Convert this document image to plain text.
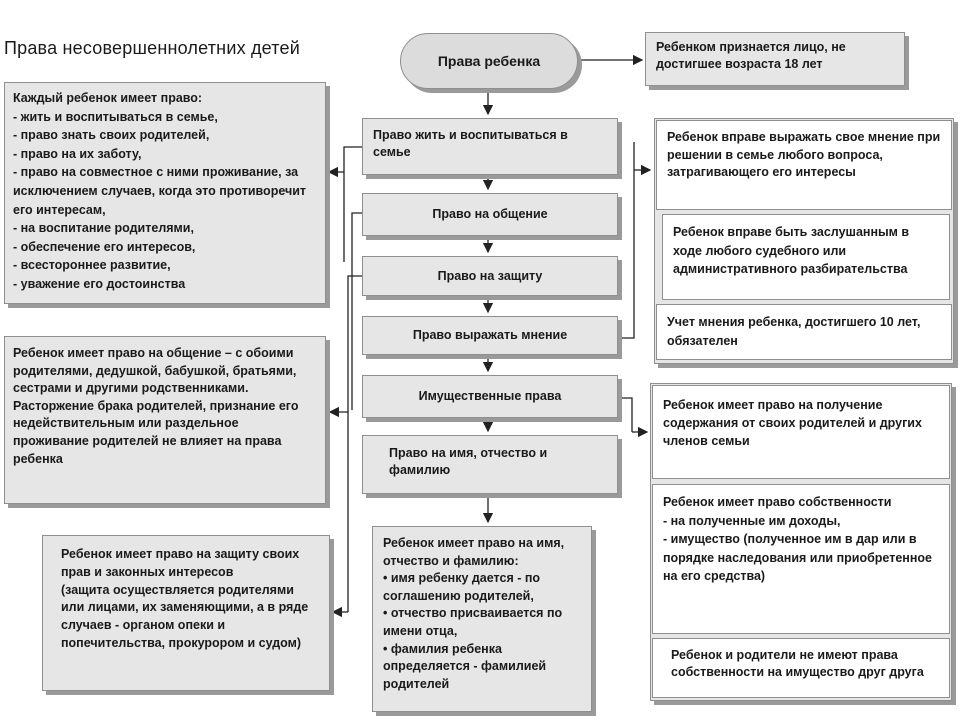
Права несовершеннолетних детей
Права ребенка
Ребенком признается лицо, не достигшее возраста 18 лет
Право жить и воспитываться в семье
Право на общение
Право на защиту
Право выражать мнение
Имущественные права
Право на имя, отчество и фамилию
Каждый ребенок имеет право:
- жить и воспитываться в семье,
- право знать своих родителей,
- право на их заботу,
- право на совместное с ними проживание, за исключением случаев, когда это противоречит его интересам,
- на воспитание родителями,
- обеспечение его интересов,
- всестороннее развитие,
- уважение его достоинства
Ребенок имеет право на общение – с обоими родителями, дедушкой, бабушкой, братьями, сестрами и другими родственниками.
Расторжение брака родителей, признание его недействительным или раздельное проживание родителей не влияет на права ребенка
Ребенок имеет право на защиту своих прав и законных интересов
(защита осуществляется родителями или лицами, их заменяющими, а в ряде случаев - органом опеки и попечительства, прокурором и судом)
Ребенок имеет право на имя, отчество и фамилию:
• имя ребенку дается - по соглашению родителей,
• отчество присваивается по имени отца,
• фамилия ребенка определяется - фамилией родителей
Ребенок вправе выражать свое мнение при решении в семье любого вопроса, затрагивающего его интересы
Ребенок вправе быть заслушанным в ходе любого судебного или административного разбирательства
Учет мнения ребенка, достигшего 10 лет, обязателен
Ребенок имеет право на получение содержания от своих родителей и других членов семьи
Ребенок имеет право собственности
- на полученные им доходы,
- имущество (полученное им в дар или в порядке наследования или приобретенное на его средства)
Ребенок и родители не имеют права собственности на имущество друг друга
